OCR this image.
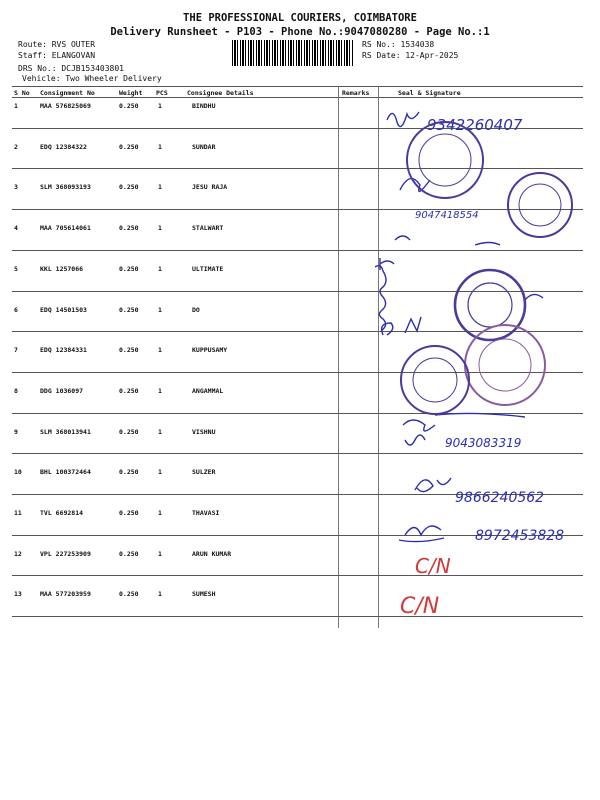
THE PROFESSIONAL COURIERS, COIMBATORE
Delivery Runsheet - P103 - Phone No.:9047080280 - Page No.:1
Route: RVS OUTER
Staff: ELANGOVAN
DRS No.: DCJB153403801
Vehicle: Two Wheeler Delivery
RS No.: 1534038
RS Date: 12-Apr-2025
S No Consignment No	Weight PCS	Consignee Details	Remarks	Seal & Signature
1	MAA 576825069	0.250	1	BINDHU
2	EDQ 12384322	0.250	1	SUNDAR
3	SLM 368093193	0.250	1	JESU RAJA
4	MAA 705614061	0.250	1	STALWART
5	KKL 1257066	0.250	1	ULTIMATE
6	EDQ 14501503	0.250	1	DO
7	EDQ 12384331	0.250	1	KUPPUSAMY
8	DDG 1036097	0.250	1	ANGAMMAL
9	SLM 368013941	0.250	1	VISHNU
10	BHL 100372464	0.250	1	SULZER
11	TVL 6692814	0.250	1	THAVASI
12	VPL 227253909	0.250	1	ARUN KUMAR
13	MAA 577203959	0.250	1	SUMESH
9342260407
9047418554
9043083319
9866240562
8972453828
C/N
C/N
